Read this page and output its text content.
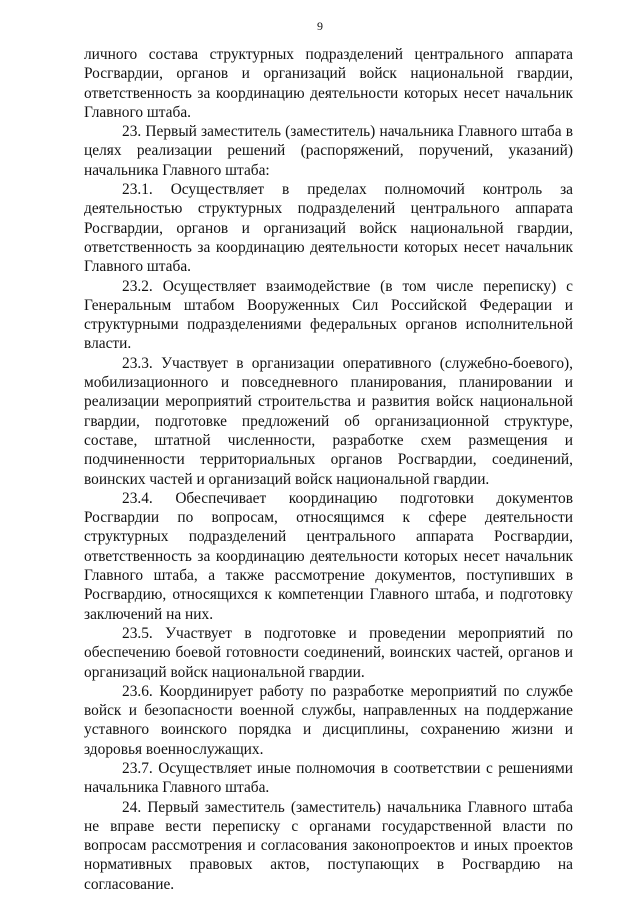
9

личного состава структурных подразделений центрального аппарата Росгвардии, органов и организаций войск национальной гвардии, ответственность за координацию деятельности которых несет начальник Главного штаба.

23. Первый заместитель (заместитель) начальника Главного штаба в целях реализации решений (распоряжений, поручений, указаний) начальника Главного штаба:

23.1. Осуществляет в пределах полномочий контроль за деятельностью структурных подразделений центрального аппарата Росгвардии, органов и организаций войск национальной гвардии, ответственность за координацию деятельности которых несет начальник Главного штаба.

23.2. Осуществляет взаимодействие (в том числе переписку) с Генеральным штабом Вооруженных Сил Российской Федерации и структурными подразделениями федеральных органов исполнительной власти.

23.3. Участвует в организации оперативного (служебно-боевого), мобилизационного и повседневного планирования, планировании и реализации мероприятий строительства и развития войск национальной гвардии, подготовке предложений об организационной структуре, составе, штатной численности, разработке схем размещения и подчиненности территориальных органов Росгвардии, соединений, воинских частей и организаций войск национальной гвардии.

23.4. Обеспечивает координацию подготовки документов Росгвардии по вопросам, относящимся к сфере деятельности структурных подразделений центрального аппарата Росгвардии, ответственность за координацию деятельности которых несет начальник Главного штаба, а также рассмотрение документов, поступивших в Росгвардию, относящихся к компетенции Главного штаба, и подготовку заключений на них.

23.5. Участвует в подготовке и проведении мероприятий по обеспечению боевой готовности соединений, воинских частей, органов и организаций войск национальной гвардии.

23.6. Координирует работу по разработке мероприятий по службе войск и безопасности военной службы, направленных на поддержание уставного воинского порядка и дисциплины, сохранению жизни и здоровья военнослужащих.

23.7. Осуществляет иные полномочия в соответствии с решениями начальника Главного штаба.

24. Первый заместитель (заместитель) начальника Главного штаба не вправе вести переписку с органами государственной власти по вопросам рассмотрения и согласования законопроектов и иных проектов нормативных правовых актов, поступающих в Росгвардию на согласование.
